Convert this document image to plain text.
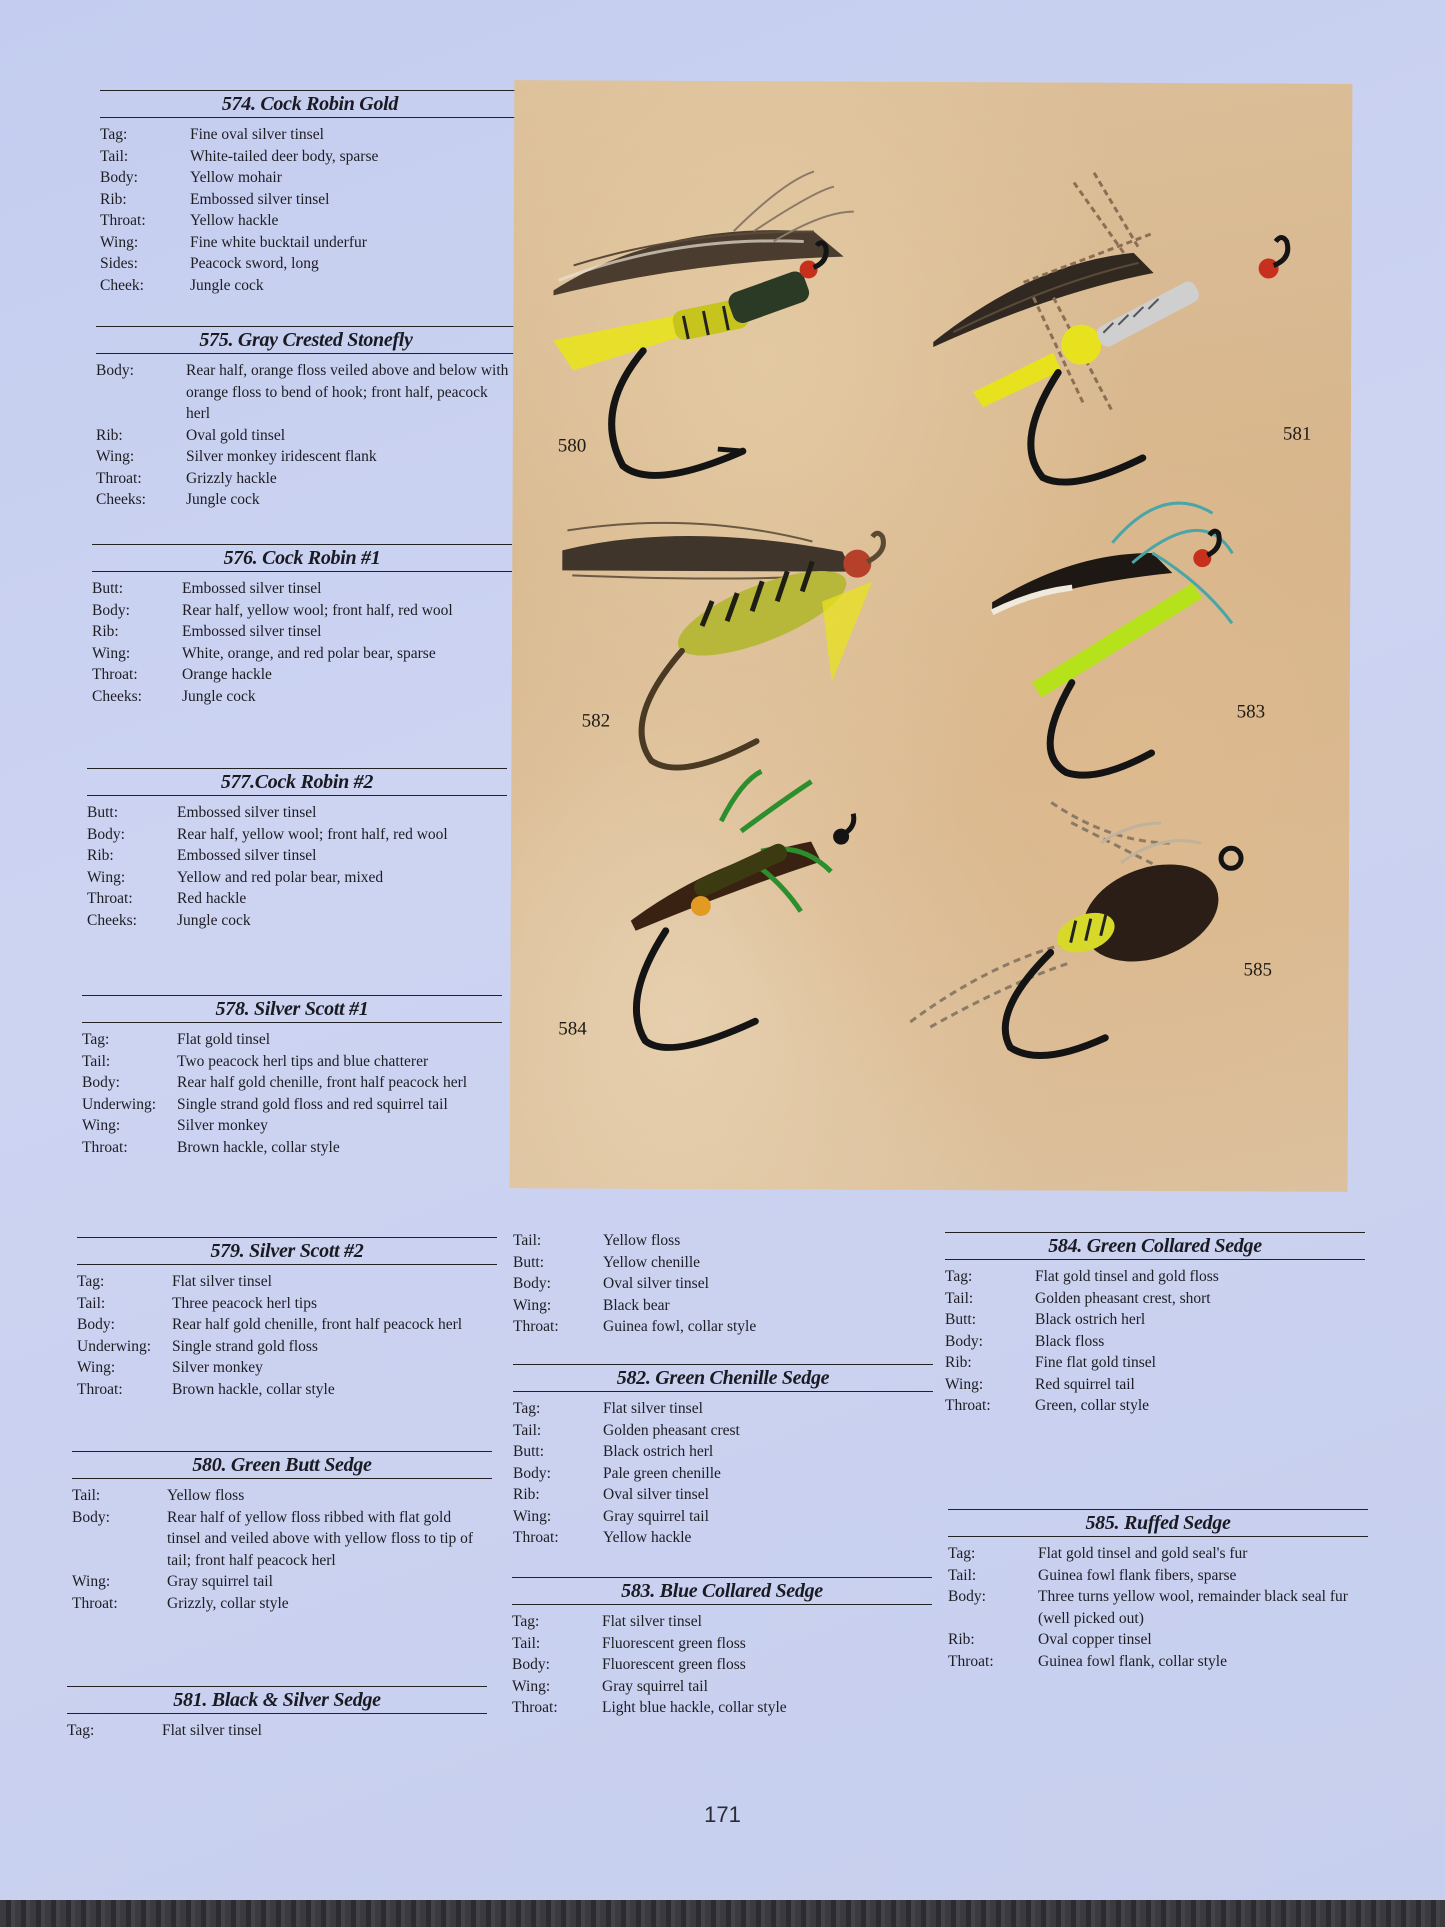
574. Cock Robin Gold
Tag:	Fine oval silver tinsel
Tail:	White-tailed deer body, sparse
Body:	Yellow mohair
Rib:	Embossed silver tinsel
Throat:	Yellow hackle
Wing:	Fine white bucktail underfur
Sides:	Peacock sword, long
Cheek:	Jungle cock
575. Gray Crested Stonefly
Body:	Rear half, orange floss veiled above and below with orange floss to bend of hook; front half, peacock herl
Rib:	Oval gold tinsel
Wing:	Silver monkey iridescent flank
Throat:	Grizzly hackle
Cheeks:	Jungle cock
576. Cock Robin #1
Butt:	Embossed silver tinsel
Body:	Rear half, yellow wool; front half, red wool
Rib:	Embossed silver tinsel
Wing:	White, orange, and red polar bear, sparse
Throat:	Orange hackle
Cheeks:	Jungle cock
577.Cock Robin #2
Butt:	Embossed silver tinsel
Body:	Rear half, yellow wool; front half, red wool
Rib:	Embossed silver tinsel
Wing:	Yellow and red polar bear, mixed
Throat:	Red hackle
Cheeks:	Jungle cock
578. Silver Scott #1
Tag:	Flat gold tinsel
Tail:	Two peacock herl tips and blue chatterer
Body:	Rear half gold chenille, front half peacock herl
Underwing:	Single strand gold floss and red squirrel tail
Wing:	Silver monkey
Throat:	Brown hackle, collar style
579. Silver Scott #2
Tag:	Flat silver tinsel
Tail:	Three peacock herl tips
Body:	Rear half gold chenille, front half peacock herl
Underwing:	Single strand gold floss
Wing:	Silver monkey
Throat:	Brown hackle, collar style
580. Green Butt Sedge
Tail:	Yellow floss
Body:	Rear half of yellow floss ribbed with flat gold tinsel and veiled above with yellow floss to tip of tail; front half peacock herl
Wing:	Gray squirrel tail
Throat:	Grizzly, collar style
581. Black & Silver Sedge
Tag:	Flat silver tinsel
Tail:	Yellow floss
Butt:	Yellow chenille
Body:	Oval silver tinsel
Wing:	Black bear
Throat:	Guinea fowl, collar style
582. Green Chenille Sedge
Tag:	Flat silver tinsel
Tail:	Golden pheasant crest
Butt:	Black ostrich herl
Body:	Pale green chenille
Rib:	Oval silver tinsel
Wing:	Gray squirrel tail
Throat:	Yellow hackle
583. Blue Collared Sedge
Tag:	Flat silver tinsel
Tail:	Fluorescent green floss
Body:	Fluorescent green floss
Wing:	Gray squirrel tail
Throat:	Light blue hackle, collar style
584. Green Collared Sedge
Tag:	Flat gold tinsel and gold floss
Tail:	Golden pheasant crest, short
Butt:	Black ostrich herl
Body:	Black floss
Rib:	Fine flat gold tinsel
Wing:	Red squirrel tail
Throat:	Green, collar style
585. Ruffed Sedge
Tag:	Flat gold tinsel and gold seal's fur
Tail:	Guinea fowl flank fibers, sparse
Body:	Three turns yellow wool, remainder black seal fur (well picked out)
Rib:	Oval copper tinsel
Throat:	Guinea fowl flank, collar style
580
581
582	583
584
585
171
